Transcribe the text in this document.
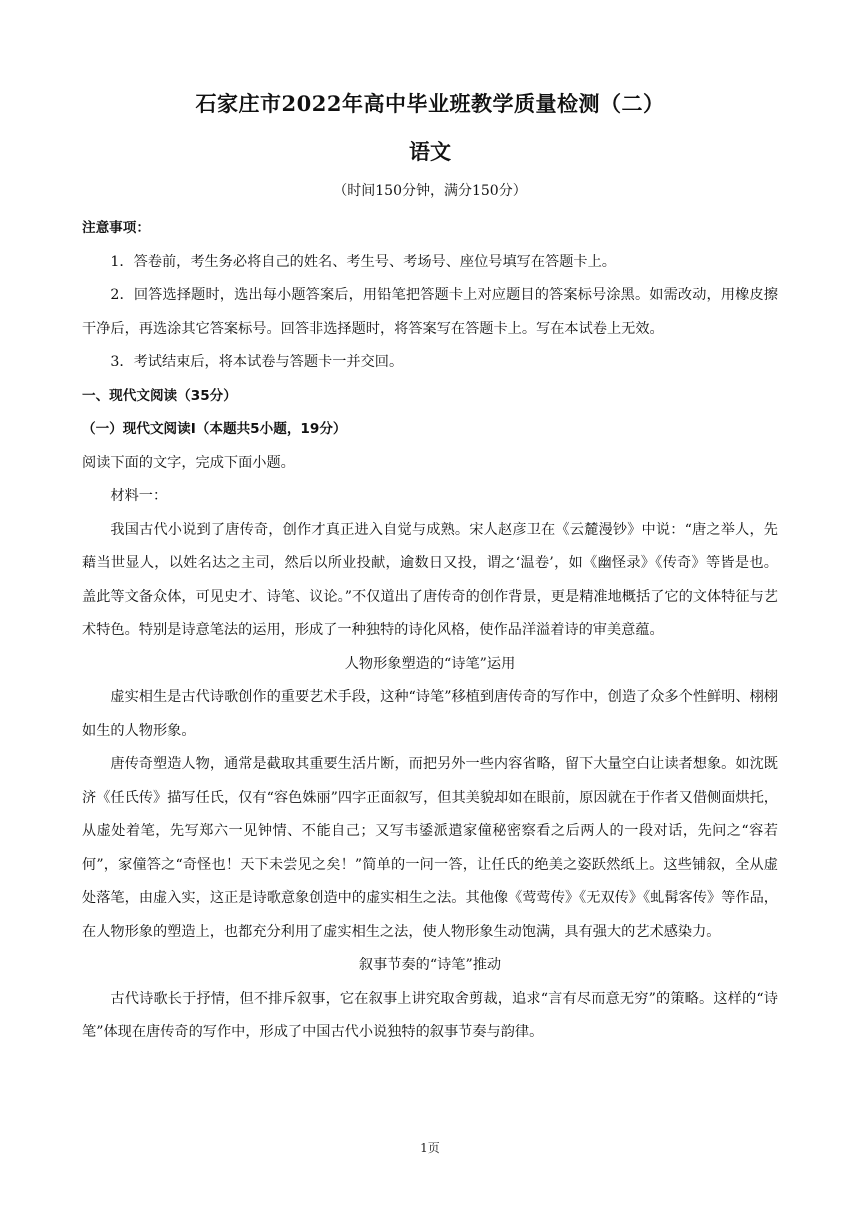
石家庄市2022年高中毕业班教学质量检测（二）
语文
（时间150分钟，满分150分）

注意事项：

1．答卷前，考生务必将自己的姓名、考生号、考场号、座位号填写在答题卡上。

2．回答选择题时，选出每小题答案后，用铅笔把答题卡上对应题目的答案标号涂黑。如需改动，用橡皮擦干净后，再选涂其它答案标号。回答非选择题时，将答案写在答题卡上。写在本试卷上无效。

3．考试结束后，将本试卷与答题卡一并交回。

一、现代文阅读（35分）

（一）现代文阅读Ⅰ（本题共5小题，19分）

阅读下面的文字，完成下面小题。

材料一：

我国古代小说到了唐传奇，创作才真正进入自觉与成熟。宋人赵彦卫在《云麓漫钞》中说：“唐之举人，先藉当世显人，以姓名达之主司，然后以所业投献，逾数日又投，谓之‘温卷’，如《幽怪录》《传奇》等皆是也。盖此等文备众体，可见史才、诗笔、议论。”不仅道出了唐传奇的创作背景，更是精准地概括了它的文体特征与艺术特色。特别是诗意笔法的运用，形成了一种独特的诗化风格，使作品洋溢着诗的审美意蕴。

人物形象塑造的“诗笔”运用

虚实相生是古代诗歌创作的重要艺术手段，这种“诗笔”移植到唐传奇的写作中，创造了众多个性鲜明、栩栩如生的人物形象。

唐传奇塑造人物，通常是截取其重要生活片断，而把另外一些内容省略，留下大量空白让读者想象。如沈既济《任氏传》描写任氏，仅有“容色姝丽”四字正面叙写，但其美貌却如在眼前，原因就在于作者又借侧面烘托，从虚处着笔，先写郑六一见钟情、不能自己；又写韦鋈派遣家僮秘密察看之后两人的一段对话，先问之“容若何”，家僮答之“奇怪也！天下未尝见之矣！”简单的一问一答，让任氏的绝美之姿跃然纸上。这些铺叙，全从虚处落笔，由虚入实，这正是诗歌意象创造中的虚实相生之法。其他像《莺莺传》《无双传》《虬髯客传》等作品，在人物形象的塑造上，也都充分利用了虚实相生之法，使人物形象生动饱满，具有强大的艺术感染力。

叙事节奏的“诗笔”推动

古代诗歌长于抒情，但不排斥叙事，它在叙事上讲究取舍剪裁，追求“言有尽而意无穷”的策略。这样的“诗笔”体现在唐传奇的写作中，形成了中国古代小说独特的叙事节奏与韵律。

1页
